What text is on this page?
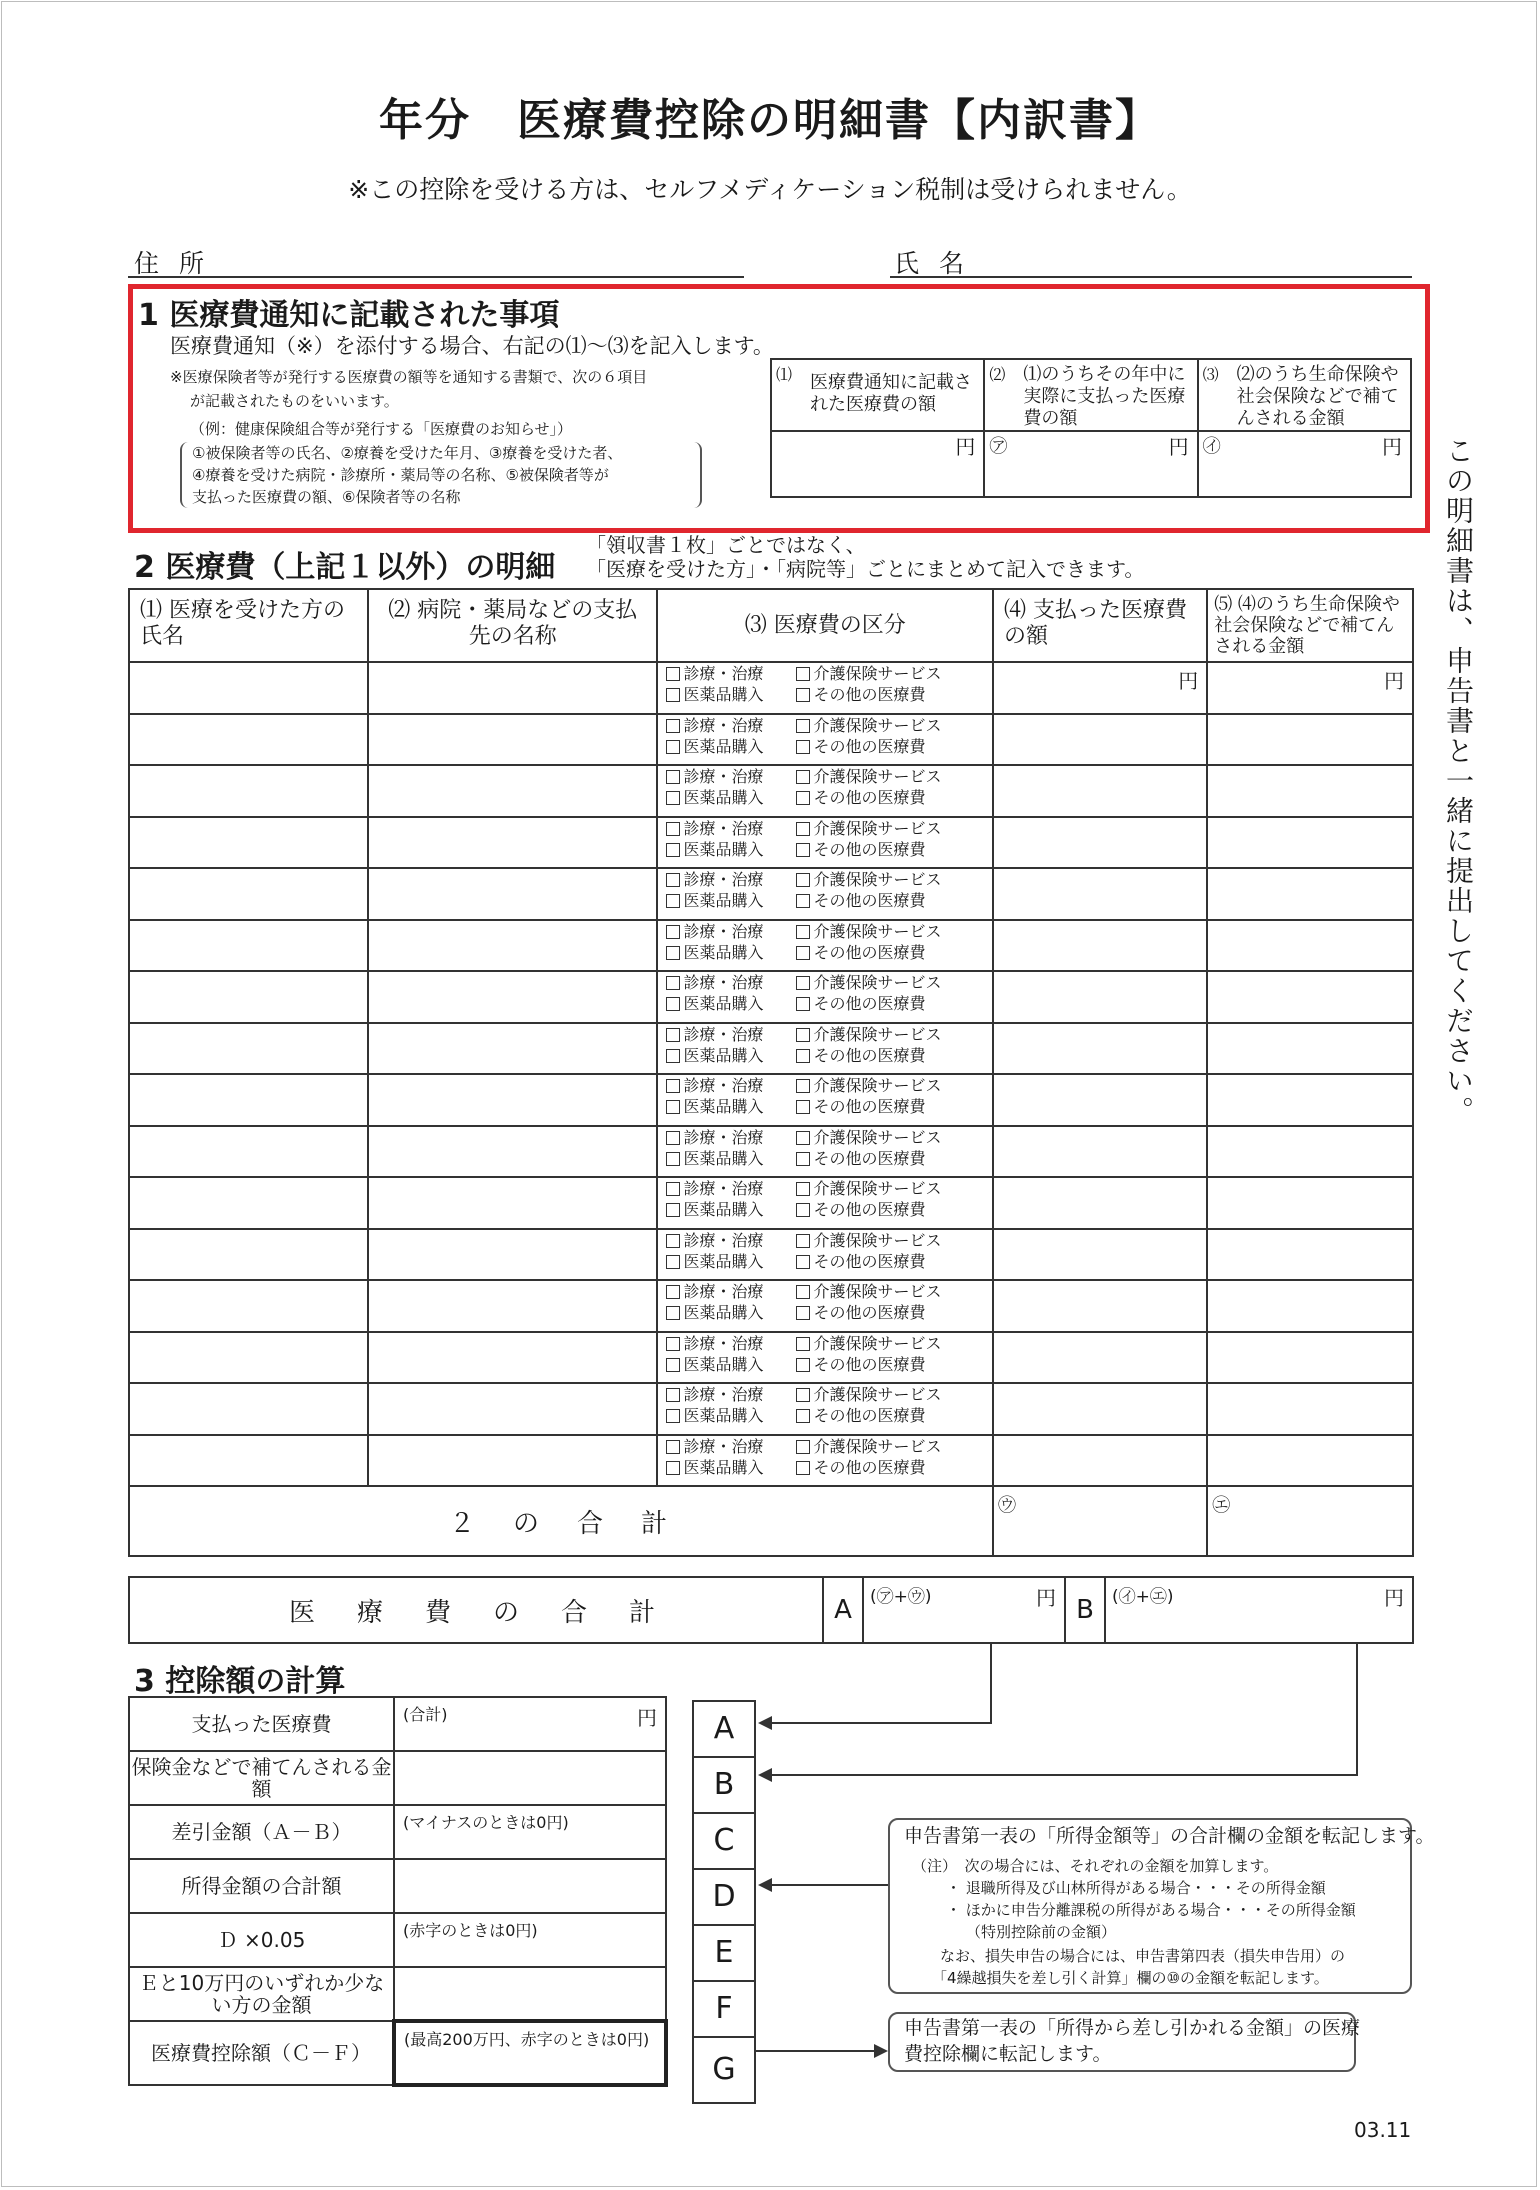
年分　医療費控除の明細書【内訳書】
※この控除を受ける方は、セルフメディケーション税制は受けられません。
住所	氏名
この明細書は、申告書と一緒に提出してください。
1 医療費通知に記載された事項
医療費通知（※）を添付する場合、右記の⑴〜⑶を記入します。
※医療保険者等が発行する医療費の額等を通知する書類で、次の６項目
が記載されたものをいいます。
（例：健康保険組合等が発行する「医療費のお知らせ」）
①被保険者等の氏名、②療養を受けた年月、③療養を受けた者、
④療養を受けた病院・診療所・薬局等の名称、⑤被保険者等が
支払った医療費の額、⑥保険者等の名称
⑴ 医療費通知に記載された医療費の額	⑵ ⑴のうちその年中に実際に支払った医療費の額	⑶ ⑵のうち生命保険や社会保険などで補てんされる金額

円	㋐ 円	㋑ 円
2 医療費（上記１以外）の明細
「領収書１枚」ごとではなく、
「医療を受けた方」・「病院等」ごとにまとめて記入できます。
⑴ 医療を受けた方の氏名	⑵ 病院・薬局などの支払先の名称	⑶ 医療費の区分	⑷ 支払った医療費の額	⑸ ⑷のうち生命保険や社会保険などで補てんされる金額

		診療・治療 介護保険サービス
医薬品購入 その他の医療費	円	円

		診療・治療 介護保険サービス
医薬品購入 その他の医療費		

		診療・治療 介護保険サービス
医薬品購入 その他の医療費		

		診療・治療 介護保険サービス
医薬品購入 その他の医療費		

		診療・治療 介護保険サービス
医薬品購入 その他の医療費		

		診療・治療 介護保険サービス
医薬品購入 その他の医療費		

		診療・治療 介護保険サービス
医薬品購入 その他の医療費		

		診療・治療 介護保険サービス
医薬品購入 その他の医療費		

		診療・治療 介護保険サービス
医薬品購入 その他の医療費		

		診療・治療 介護保険サービス
医薬品購入 その他の医療費		

		診療・治療 介護保険サービス
医薬品購入 その他の医療費		

		診療・治療 介護保険サービス
医薬品購入 その他の医療費		

		診療・治療 介護保険サービス
医薬品購入 その他の医療費		

		診療・治療 介護保険サービス
医薬品購入 その他の医療費		

		診療・治療 介護保険サービス
医薬品購入 その他の医療費		

		診療・治療 介護保険サービス
医薬品購入 その他の医療費		

２　の　合　計			㋒	㋓
医　療　費　の　合　計	A	(㋐+㋒)	円	B	(㋑+㋓)	円
3 控除額の計算
支払った医療費	(合計) 円

保険金などで補てんされる金額	

差引金額（Ａ－Ｂ）	(マイナスのときは0円)

所得金額の合計額	

Ｄ ×0.05	(赤字のときは0円)

Ｅと10万円のいずれか少ない方の金額	

医療費控除額（Ｃ－Ｆ）	(最高200万円、赤字のときは0円)
A
B
C
D
E
F
G
申告書第一表の「所得金額等」の合計欄の金額を転記します。
（注）　次の場合には、それぞれの金額を加算します。
・ 退職所得及び山林所得がある場合・・・その所得金額
・ ほかに申告分離課税の所得がある場合・・・その所得金額
（特別控除前の金額）
なお、損失申告の場合には、申告書第四表（損失申告用）の
「4繰越損失を差し引く計算」欄の⑩の金額を転記します。
申告書第一表の「所得から差し引かれる金額」の医療
費控除欄に転記します。
03.11
